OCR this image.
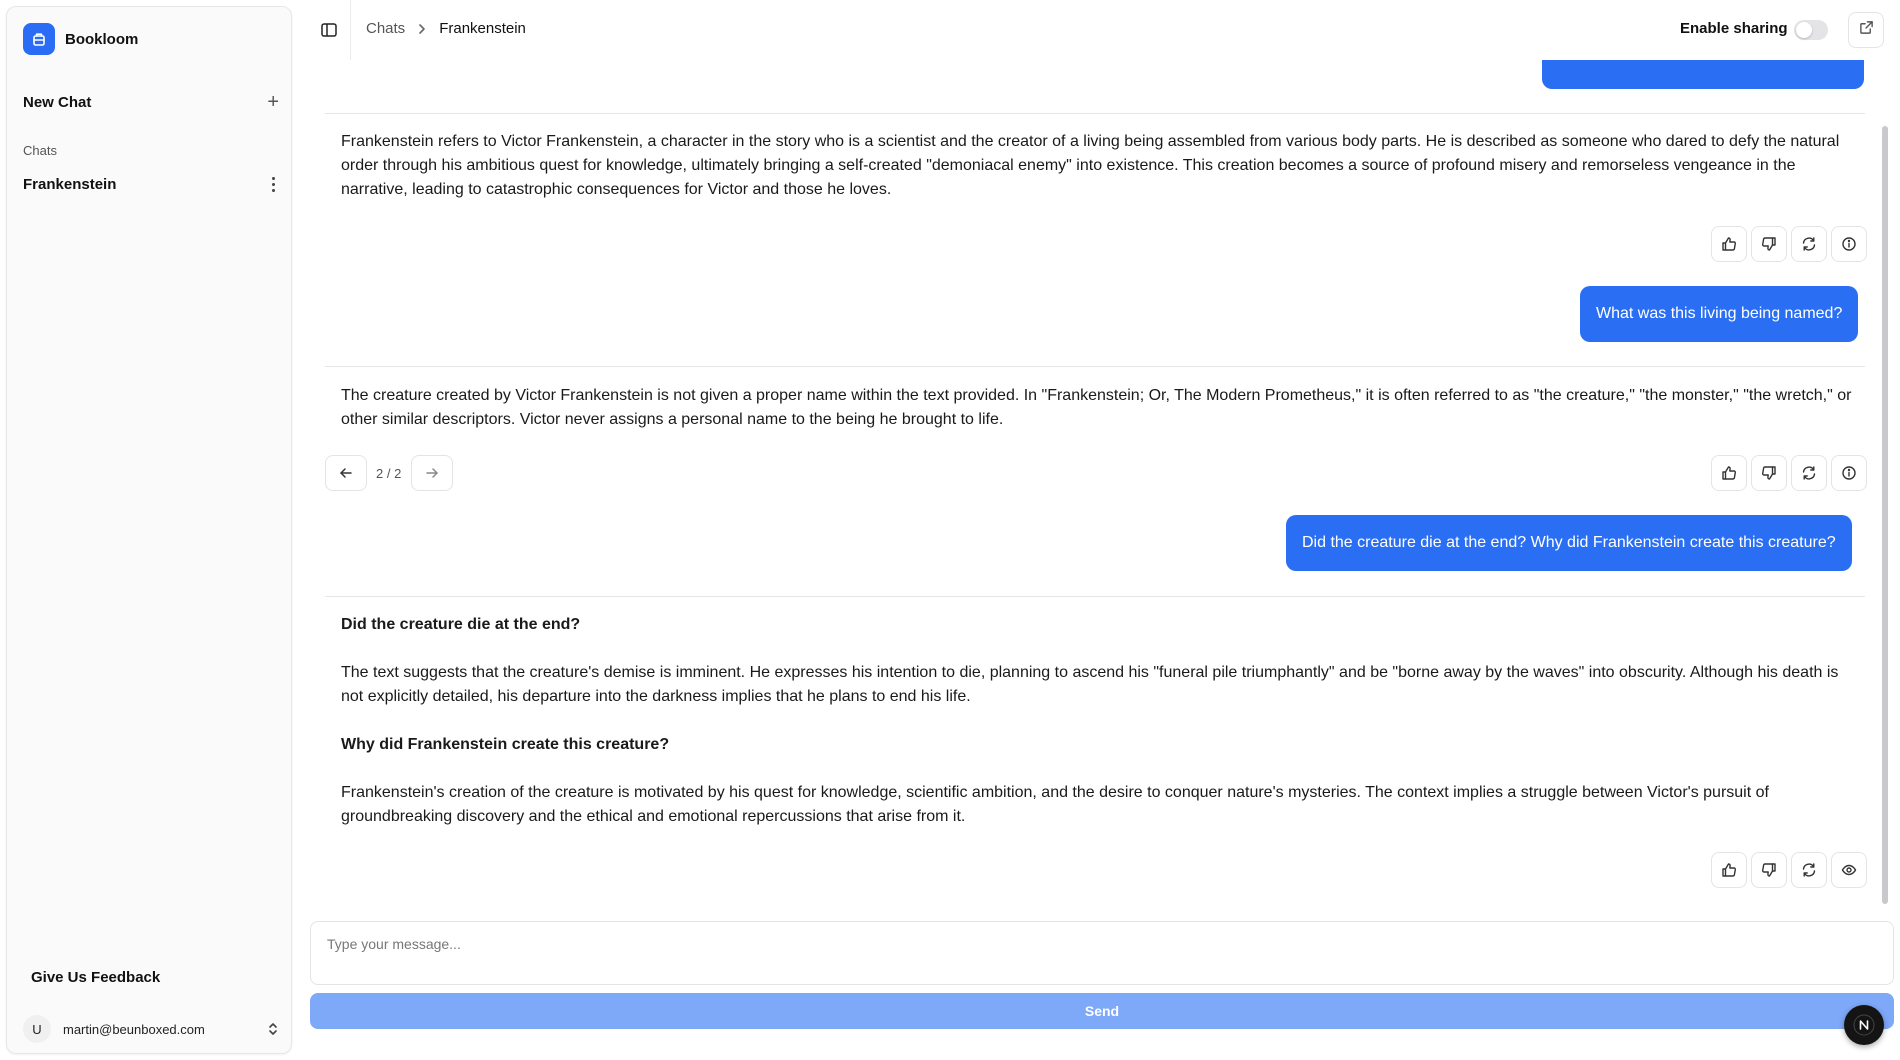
Bookloom
New Chat	+
Chats
Frankenstein
Give Us Feedback
U	martin@beunboxed.com
Chats Frankenstein	Enable sharing

Frankenstein refers to Victor Frankenstein, a character in the story who is a scientist and the creator of a living being assembled from various body parts. He is described as someone who dared to defy the natural order through his ambitious quest for knowledge, ultimately bringing a self-created "demoniacal enemy" into existence. This creation becomes a source of profound misery and remorseless vengeance in the narrative, leading to catastrophic consequences for Victor and those he loves.

What was this living being named?

The creature created by Victor Frankenstein is not given a proper name within the text provided. In "Frankenstein; Or, The Modern Prometheus," it is often referred to as "the creature," "the monster," "the wretch," or other similar descriptors. Victor never assigns a personal name to the being he brought to life.

2 / 2
Did the creature die at the end? Why did Frankenstein create this creature?

Did the creature die at the end?

The text suggests that the creature's demise is imminent. He expresses his intention to die, planning to ascend his "funeral pile triumphantly" and be "borne away by the waves" into obscurity. Although his death is not explicitly detailed, his departure into the darkness implies that he plans to end his life.

Why did Frankenstein create this creature?

Frankenstein's creation of the creature is motivated by his quest for knowledge, scientific ambition, and the desire to conquer nature's mysteries. The context implies a struggle between Victor's pursuit of groundbreaking discovery and the ethical and emotional repercussions that arise from it.

Type your message...
Send
